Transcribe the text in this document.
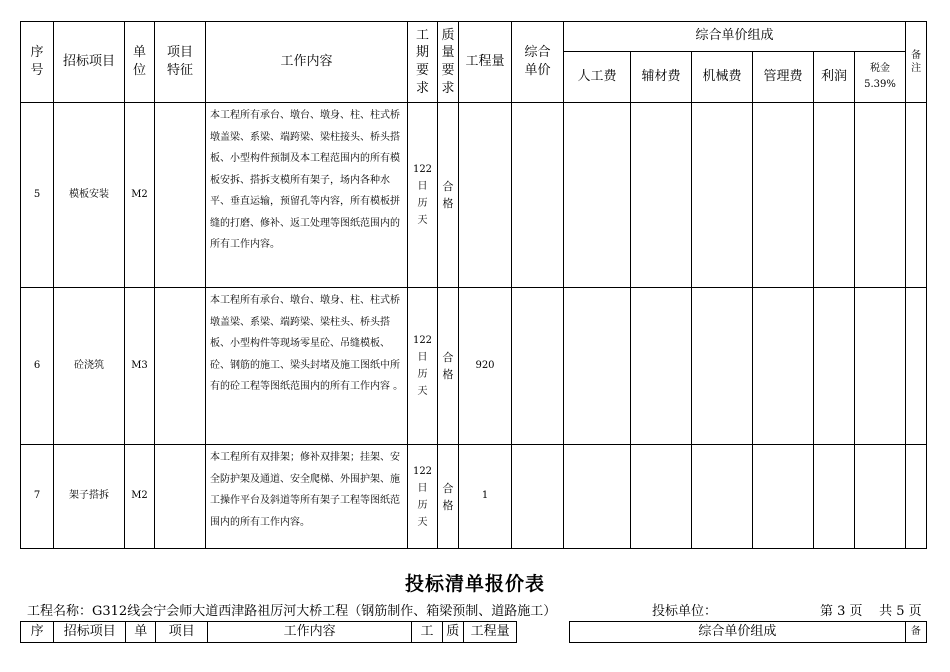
序
号	招标项目	单
位	项目
特征	工作内容	工
期
要
求	质
量
要
求	工程量	综合
单价	综合单价组成						备
注
									人工费	辅材费	机械费	管理费	利润	税金
5.39%	
5	模板安装	M2		本工程所有承台、墩台、墩身、柱、柱式桥墩盖梁、系梁、端跨梁、梁柱接头、桥头搭板、小型构件预制及本工程范围内的所有模板安拆、搭拆支模所有架子，场内各种水平、垂直运输，预留孔等内容，所有模板拼缝的打磨、修补、返工处理等图纸范围内的所有工作内容。	122
日
历
天	合
格									
6	砼浇筑	M3		本工程所有承台、墩台、墩身、柱、柱式桥墩盖梁、系梁、端跨梁、梁柱头、桥头搭板、小型构件等现场零星砼、吊缝模板、砼、钢筋的施工、梁头封堵及施工图纸中所有的砼工程等图纸范围内的所有工作内容 。	122
日
历
天	合
格	920								
7	架子搭拆	M2		本工程所有双排架；修补双排架；挂架、安全防护架及通道、安全爬梯、外围护架、施工操作平台及斜道等所有架子工程等图纸范围内的所有工作内容。	122
日
历
天	合
格	1								
投标清单报价表
工程名称：G312线会宁会师大道西津路祖厉河大桥工程（钢筋制作、箱梁预制、道路施工）	投标单位：	第 3 页    共 5 页
序	招标项目	单	项目	工作内容	工	质	工程量		综合单价组成	备
